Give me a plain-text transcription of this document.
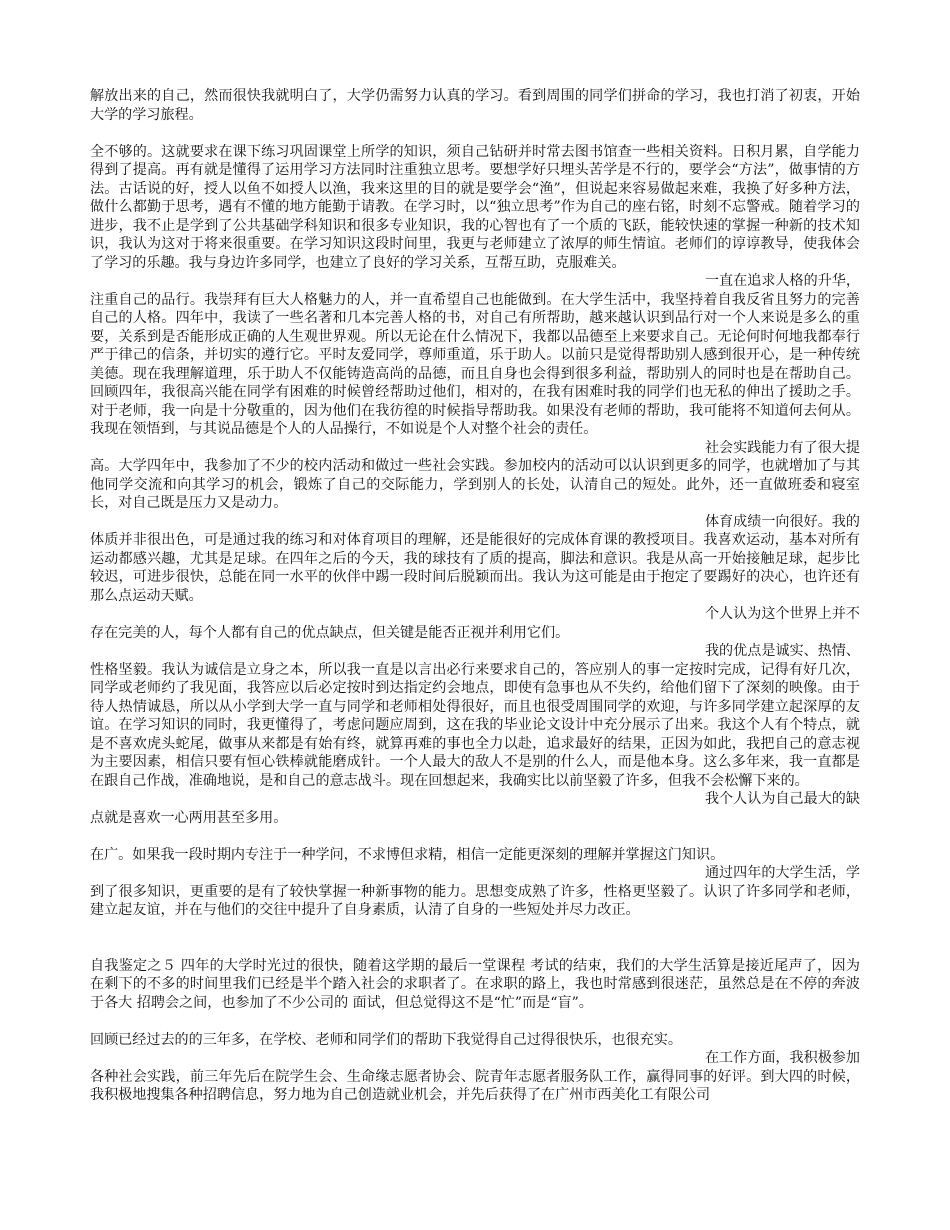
解放出来的自己，然而很快我就明白了，大学仍需努力认真的学习。看到周围的同学们拼命的学习，我也打消了初衷，开始大学的学习旅程。

全不够的。这就要求在课下练习巩固课堂上所学的知识，须自己钻研并时常去图书馆查一些相关资料。日积月累，自学能力得到了提高。再有就是懂得了运用学习方法同时注重独立思考。要想学好只埋头苦学是不行的，要学会“方法”，做事情的方法。古话说的好，授人以鱼不如授人以渔，我来这里的目的就是要学会“渔”，但说起来容易做起来难，我换了好多种方法，做什么都勤于思考，遇有不懂的地方能勤于请教。在学习时，以“独立思考”作为自己的座右铭，时刻不忘警戒。随着学习的进步，我不止是学到了公共基础学科知识和很多专业知识，我的心智也有了一个质的飞跃，能较快速的掌握一种新的技术知识，我认为这对于将来很重要。在学习知识这段时间里，我更与老师建立了浓厚的师生情谊。老师们的谆谆教导，使我体会了学习的乐趣。我与身边许多同学，也建立了良好的学习关系，互帮互助，克服难关。

一直在追求人格的升华，

注重自己的品行。我崇拜有巨大人格魅力的人，并一直希望自己也能做到。在大学生活中，我坚持着自我反省且努力的完善自己的人格。四年中，我读了一些名著和几本完善人格的书，对自己有所帮助，越来越认识到品行对一个人来说是多么的重要，关系到是否能形成正确的人生观世界观。所以无论在什么情况下，我都以品德至上来要求自己。无论何时何地我都奉行严于律己的信条，并切实的遵行它。平时友爱同学，尊师重道，乐于助人。以前只是觉得帮助别人感到很开心，是一种传统美德。现在我理解道理，乐于助人不仅能铸造高尚的品德，而且自身也会得到很多利益，帮助别人的同时也是在帮助自己。回顾四年，我很高兴能在同学有困难的时候曾经帮助过他们，相对的，在我有困难时我的同学们也无私的伸出了援助之手。对于老师，我一向是十分敬重的，因为他们在我彷徨的时候指导帮助我。如果没有老师的帮助，我可能将不知道何去何从。我现在领悟到，与其说品德是个人的人品操行，不如说是个人对整个社会的责任。

社会实践能力有了很大提

高。大学四年中，我参加了不少的校内活动和做过一些社会实践。参加校内的活动可以认识到更多的同学，也就增加了与其他同学交流和向其学习的机会，锻炼了自己的交际能力，学到别人的长处，认清自己的短处。此外，还一直做班委和寝室长，对自己既是压力又是动力。

体育成绩一向很好。我的

体质并非很出色，可是通过我的练习和对体育项目的理解，还是能很好的完成体育课的教授项目。我喜欢运动，基本对所有运动都感兴趣，尤其是足球。在四年之后的今天，我的球技有了质的提高，脚法和意识。我是从高一开始接触足球，起步比较迟，可进步很快，总能在同一水平的伙伴中踢一段时间后脱颖而出。我认为这可能是由于抱定了要踢好的决心，也许还有那么点运动天赋。

个人认为这个世界上并不

存在完美的人，每个人都有自己的优点缺点，但关键是能否正视并利用它们。

我的优点是诚实、热情、

性格坚毅。我认为诚信是立身之本，所以我一直是以言出必行来要求自己的，答应别人的事一定按时完成，记得有好几次，同学或老师约了我见面，我答应以后必定按时到达指定约会地点，即使有急事也从不失约，给他们留下了深刻的映像。由于待人热情诚恳，所以从小学到大学一直与同学和老师相处得很好，而且也很受周围同学的欢迎，与许多同学建立起深厚的友谊。在学习知识的同时，我更懂得了，考虑问题应周到，这在我的毕业论文设计中充分展示了出来。我这个人有个特点，就是不喜欢虎头蛇尾，做事从来都是有始有终，就算再难的事也全力以赴，追求最好的结果，正因为如此，我把自己的意志视为主要因素，相信只要有恒心铁棒就能磨成针。一个人最大的敌人不是别的什么人，而是他本身。这么多年来，我一直都是在跟自己作战，准确地说，是和自己的意志战斗。现在回想起来，我确实比以前坚毅了许多，但我不会松懈下来的。

我个人认为自己最大的缺

点就是喜欢一心两用甚至多用。

在广。如果我一段时期内专注于一种学问，不求博但求精，相信一定能更深刻的理解并掌握这门知识。

通过四年的大学生活，学

到了很多知识，更重要的是有了较快掌握一种新事物的能力。思想变成熟了许多，性格更坚毅了。认识了许多同学和老师，建立起友谊，并在与他们的交往中提升了自身素质，认清了自身的一些短处并尽力改正。

自我鉴定之５ 四年的大学时光过的很快，随着这学期的最后一堂课程 考试的结束，我们的大学生活算是接近尾声了，因为在剩下的不多的时间里我们已经是半个踏入社会的求职者了。在求职的路上，我也时常感到很迷茫，虽然总是在不停的奔波于各大 招聘会之间，也参加了不少公司的 面试，但总觉得这不是“忙”而是“盲”。

回顾已经过去的的三年多，在学校、老师和同学们的帮助下我觉得自己过得很快乐，也很充实。

在工作方面，我积极参加

各种社会实践，前三年先后在院学生会、生命缘志愿者协会、院青年志愿者服务队工作，赢得同事的好评。到大四的时候，我积极地搜集各种招聘信息，努力地为自己创造就业机会，并先后获得了在广州市西美化工有限公司
